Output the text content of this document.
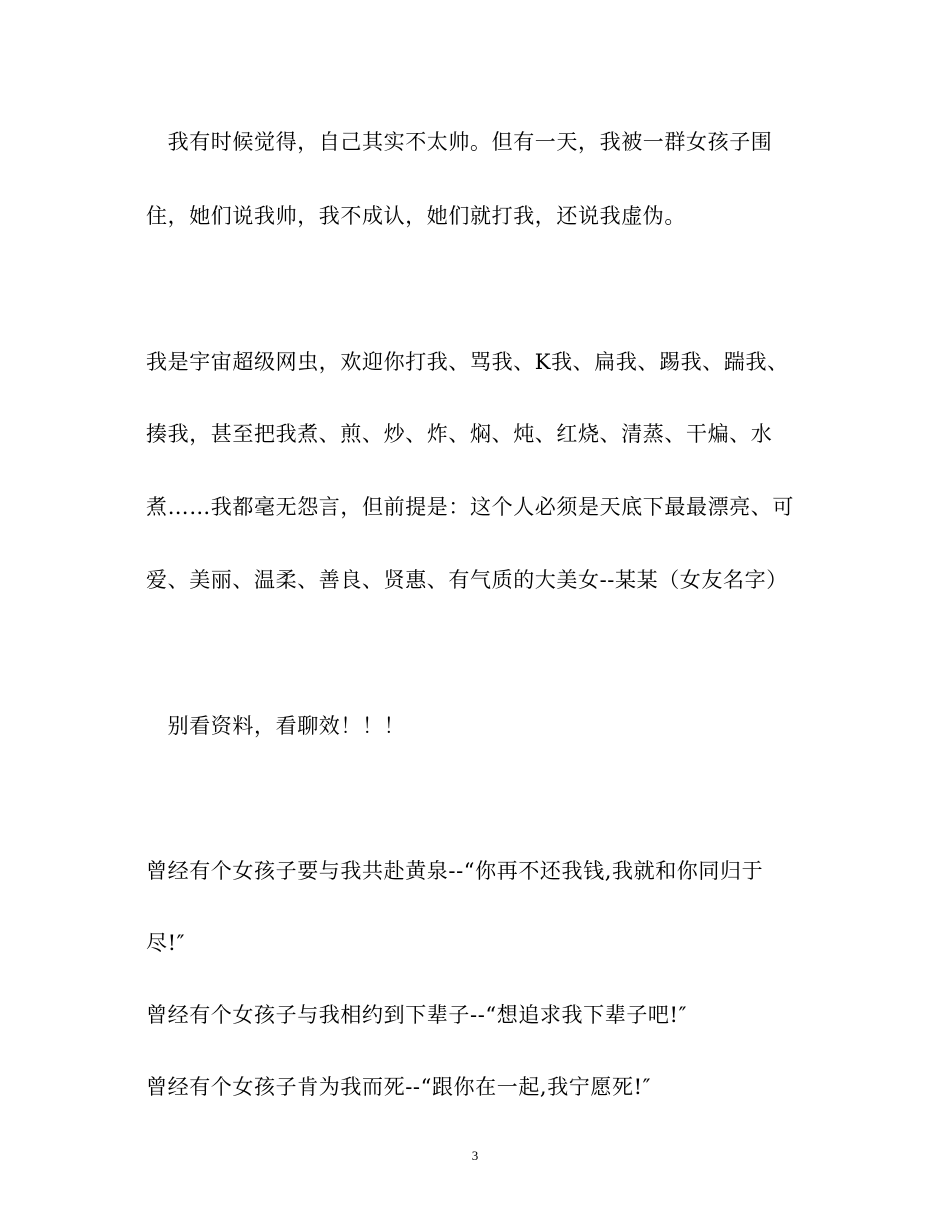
　我有时候觉得，自己其实不太帅。但有一天，我被一群女孩子围
住，她们说我帅，我不成认，她们就打我，还说我虚伪。
我是宇宙超级网虫，欢迎你打我、骂我、K我、扁我、踢我、踹我、
揍我，甚至把我煮、煎、炒、炸、焖、炖、红烧、清蒸、干煸、水
煮……我都毫无怨言，但前提是：这个人必须是天底下最最漂亮、可
爱、美丽、温柔、善良、贤惠、有气质的大美女--某某（女友名字）
　别看资料，看聊效！！！
曾经有个女孩子要与我共赴黄泉--“你再不还我钱,我就和你同归于
尽!″
曾经有个女孩子与我相约到下辈子--“想追求我下辈子吧!″
曾经有个女孩子肯为我而死--“跟你在一起,我宁愿死!″
3
